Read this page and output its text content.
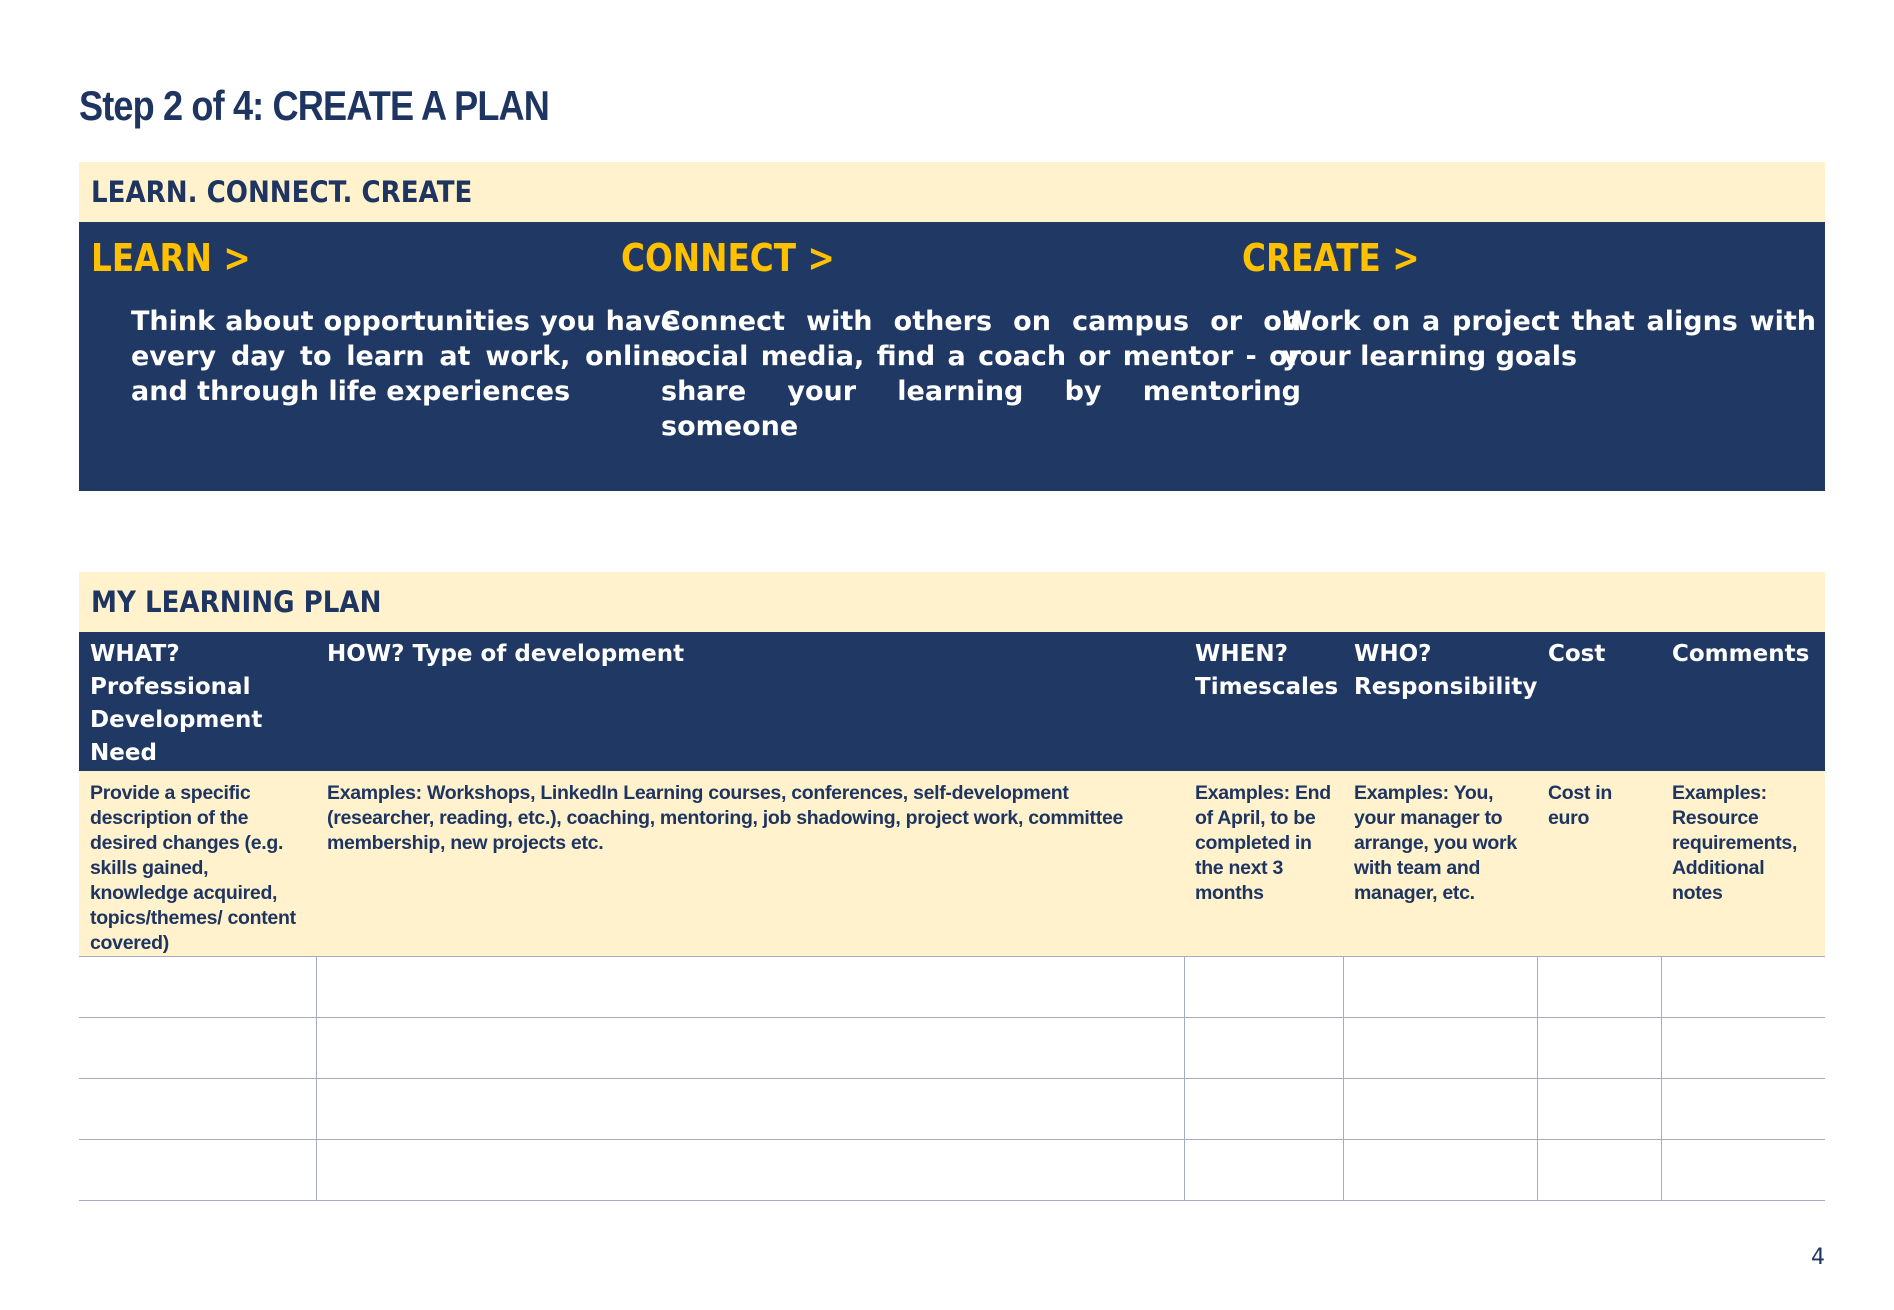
Step 2 of 4: CREATE A PLAN
LEARN. CONNECT. CREATE
LEARN >
Think about opportunities you have every day to learn at work, online and through life experiences
CONNECT >
Connect with others on campus or on social media, find a coach or mentor - or share your learning by mentoring someone
CREATE >
Work on a project that aligns with your learning goals
MY LEARNING PLAN
WHAT? Professional Development Need	HOW? Type of development	WHEN? Timescales	WHO? Responsibility	Cost	Comments
Provide a specific description of the desired changes (e.g. skills gained, knowledge acquired, topics/themes/ content covered)	Examples: Workshops, LinkedIn Learning courses, conferences, self-development (researcher, reading, etc.), coaching, mentoring, job shadowing, project work, committee membership, new projects etc.	Examples: End of April, to be completed in the next 3 months	Examples: You, your manager to arrange, you work with team and manager, etc.	Cost in euro	Examples: Resource requirements, Additional notes

4
